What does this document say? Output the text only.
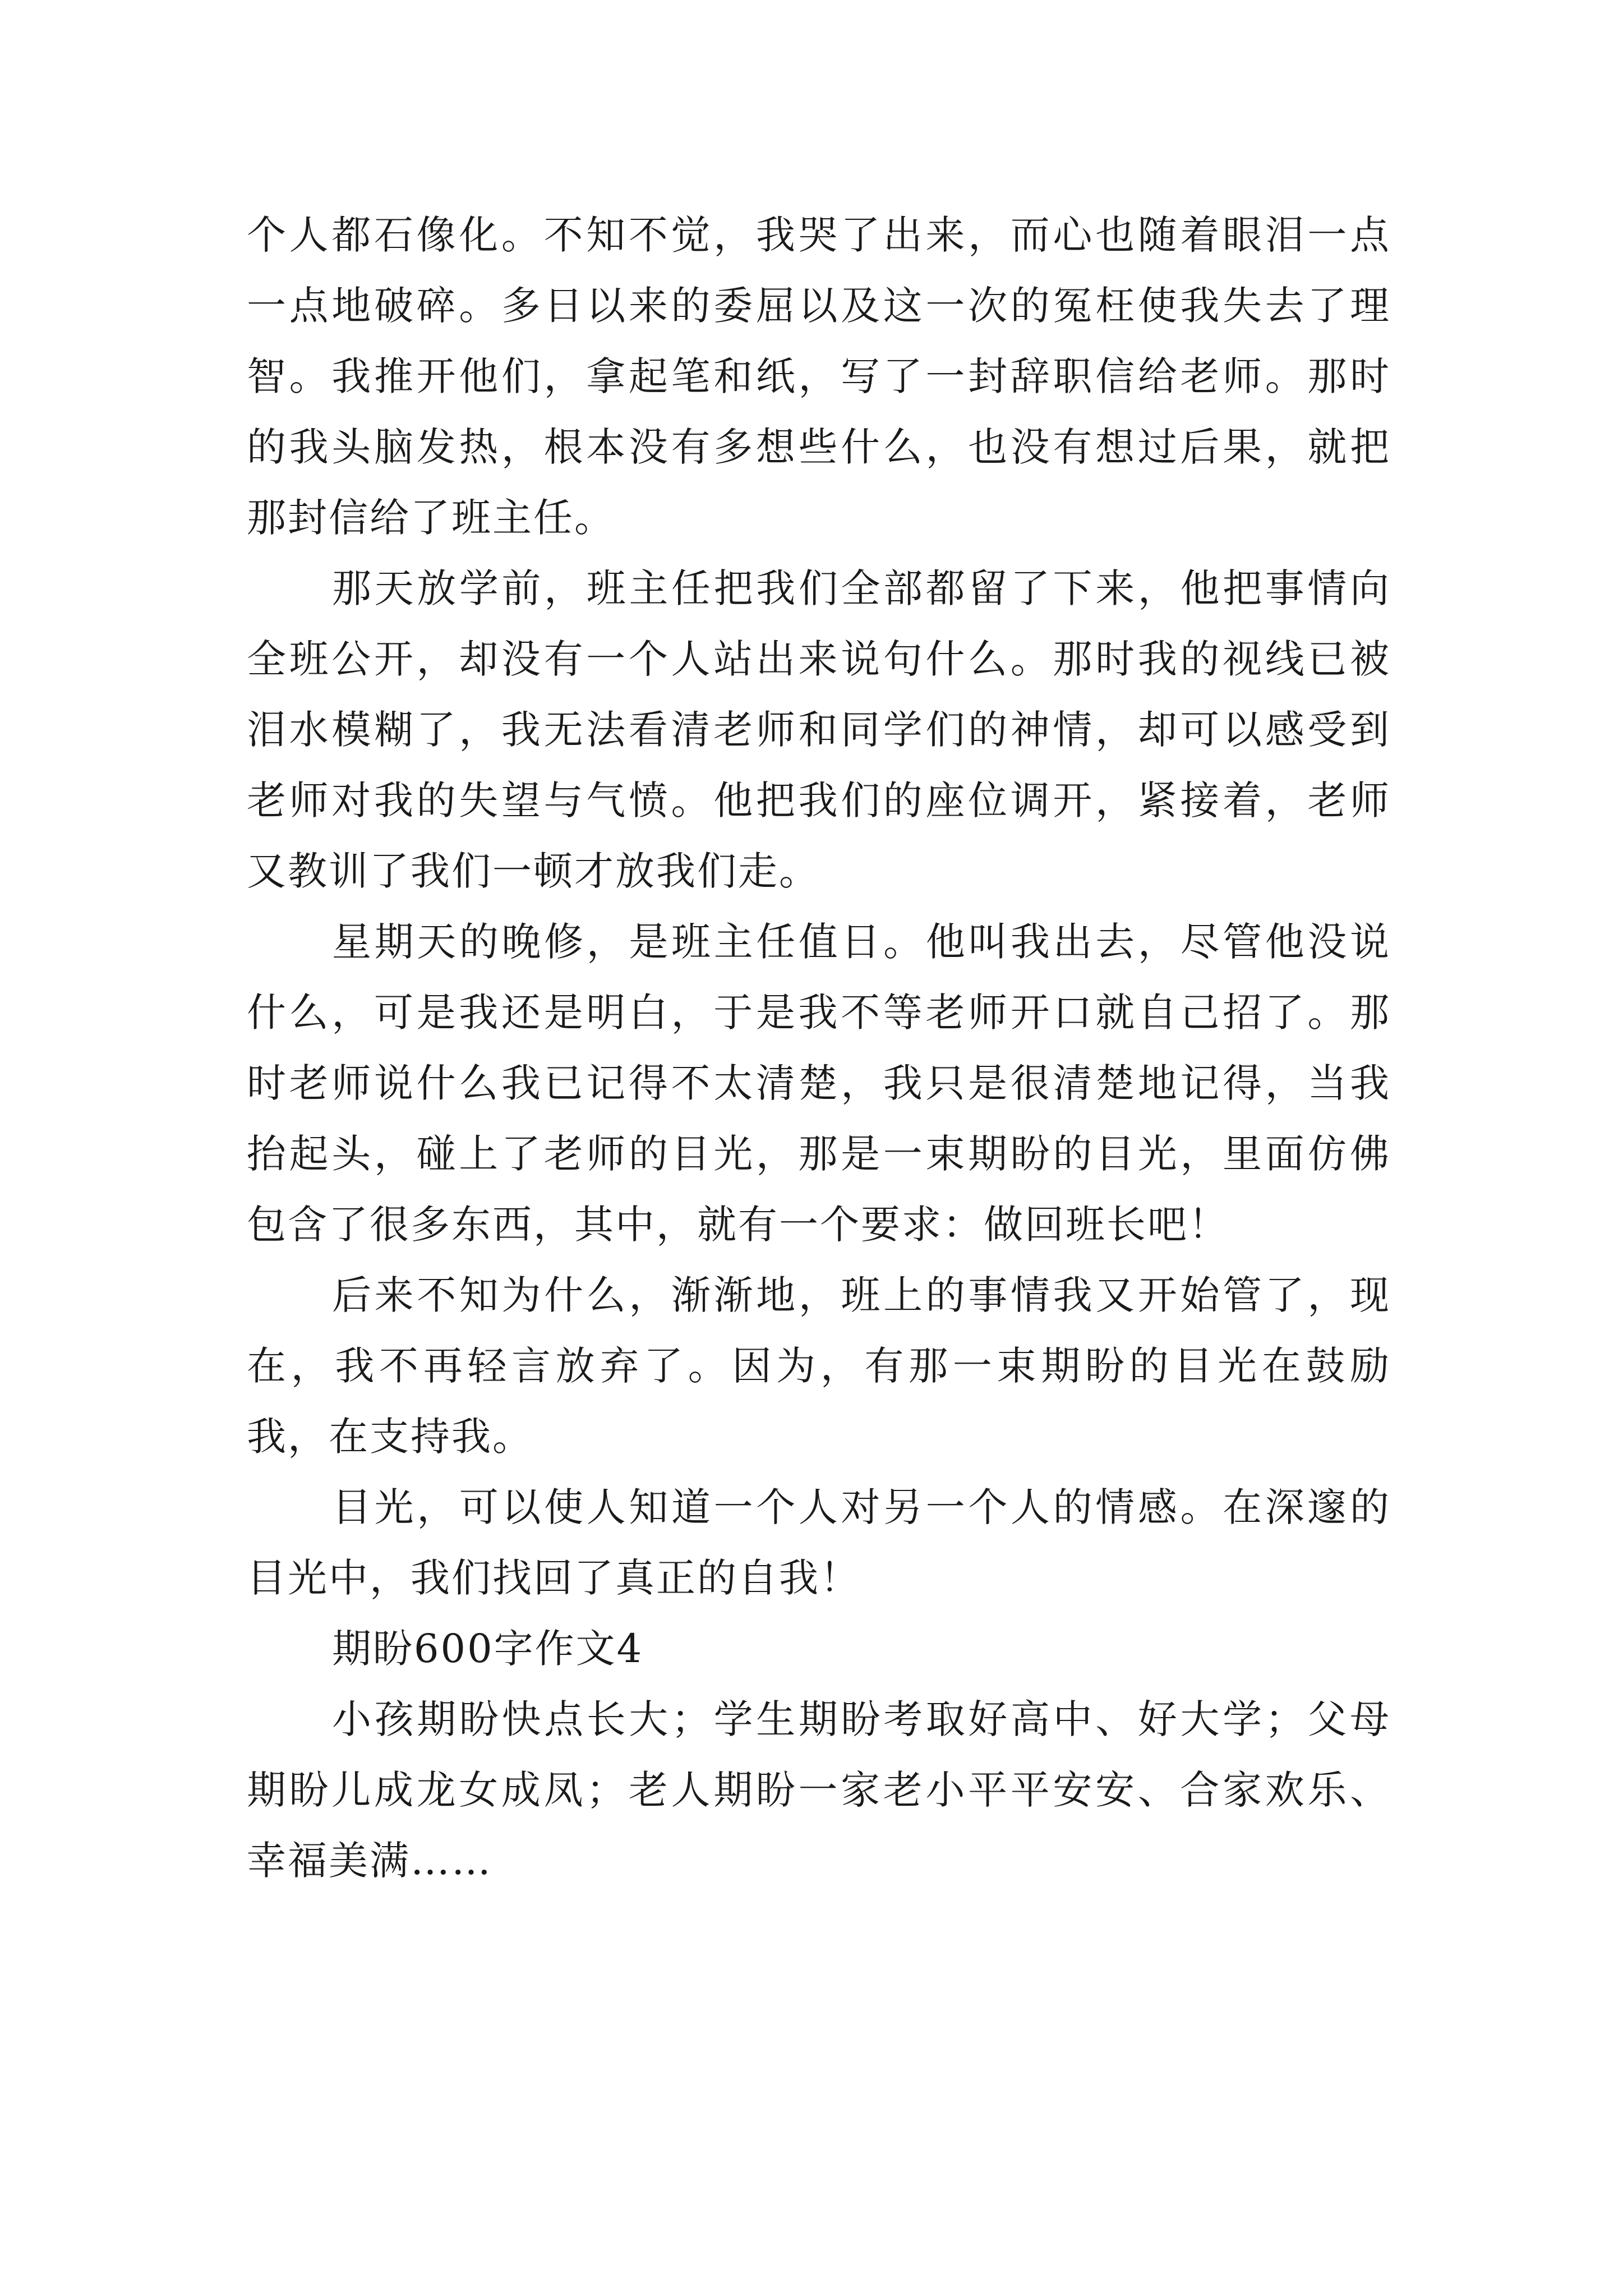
个人都石像化。不知不觉，我哭了出来，而心也随着眼泪一点一点地破碎。多日以来的委屈以及这一次的冤枉使我失去了理智。我推开他们，拿起笔和纸，写了一封辞职信给老师。那时的我头脑发热，根本没有多想些什么，也没有想过后果，就把那封信给了班主任。

那天放学前，班主任把我们全部都留了下来，他把事情向全班公开，却没有一个人站出来说句什么。那时我的视线已被泪水模糊了，我无法看清老师和同学们的神情，却可以感受到老师对我的失望与气愤。他把我们的座位调开，紧接着，老师又教训了我们一顿才放我们走。

星期天的晚修，是班主任值日。他叫我出去，尽管他没说什么，可是我还是明白，于是我不等老师开口就自己招了。那时老师说什么我已记得不太清楚，我只是很清楚地记得，当我抬起头，碰上了老师的目光，那是一束期盼的目光，里面仿佛包含了很多东西，其中，就有一个要求：做回班长吧！

后来不知为什么，渐渐地，班上的事情我又开始管了，现在，我不再轻言放弃了。因为，有那一束期盼的目光在鼓励我，在支持我。

目光，可以使人知道一个人对另一个人的情感。在深邃的目光中，我们找回了真正的自我！

期盼600字作文4

小孩期盼快点长大；学生期盼考取好高中、好大学；父母期盼儿成龙女成凤；老人期盼一家老小平平安安、合家欢乐、幸福美满……
